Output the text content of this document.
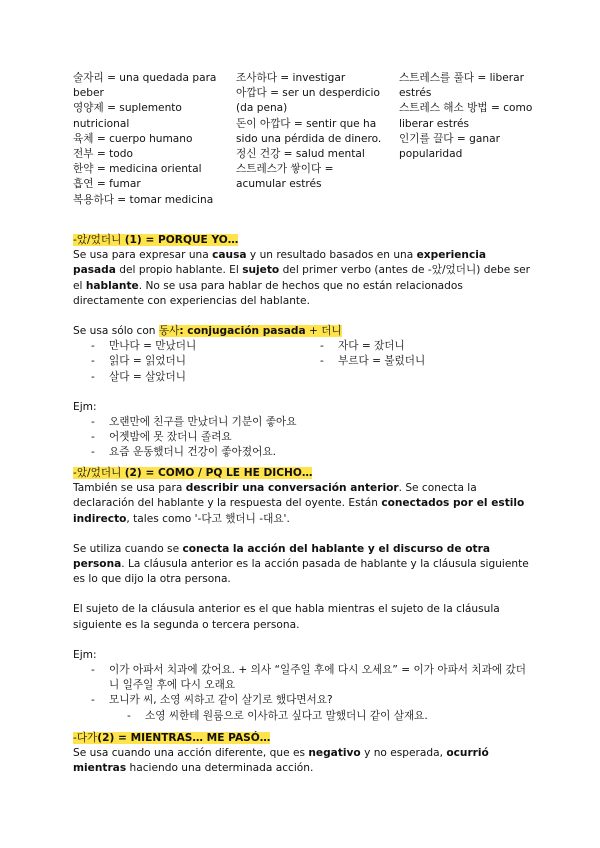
술자리 = una quedada para beber
영양제 = suplemento nutricional
육체 = cuerpo humano
전부 = todo
한약 = medicina oriental
흡연 = fumar
복용하다 = tomar medicina
조사하다 = investigar
아깝다 = ser un desperdicio (da pena)
돈이 아깝다 = sentir que ha sido una pérdida de dinero.
정신 건강 = salud mental
스트레스가 쌓이다 = acumular estrés
스트레스를 풀다 = liberar estrés
스트레스 해소 방법 = como liberar estrés
인기를 끌다 = ganar popularidad
-았/었더니 (1) = PORQUE YO…

Se usa para expresar una causa y un resultado basados en una experiencia pasada del propio hablante. El sujeto del primer verbo (antes de -았/었더니) debe ser el hablante. No se usa para hablar de hechos que no están relacionados directamente con experiencias del hablante.

Se usa sólo con 동사: conjugación pasada + 더니

- 만나다 = 만났더니
- 읽다 = 읽었더니
- 살다 = 살았더니
- 자다 = 잤더니
- 부르다 = 불렀더니

Ejm:

- 오랜만에 친구를 만났더니 기분이 좋아요
- 어젯밤에 못 잤더니 졸려요
- 요즘 운동했더니 건강이 좋아졌어요.
-았/었더니 (2) = COMO / PQ LE HE DICHO…

También se usa para describir una conversación anterior. Se conecta la declaración del hablante y la respuesta del oyente. Están conectados por el estilo indirecto, tales como '-다고 했더니 -대요'.

Se utiliza cuando se conecta la acción del hablante y el discurso de otra persona. La cláusula anterior es la acción pasada de hablante y la cláusula siguiente es lo que dijo la otra persona.

El sujeto de la cláusula anterior es el que habla mientras el sujeto de la cláusula siguiente es la segunda o tercera persona.

Ejm:

- 이가 아파서 치과에 갔어요. + 의사 “일주일 후에 다시 오세요” = 이가 아파서 치과에 갔더니 일주일 후에 다시 오래요
- 모니카 씨, 소영 씨하고 같이 살기로 했다면서요?
- 소영 씨한테 원룸으로 이사하고 싶다고 말했더니 같이 살재요.
-다가(2) = MIENTRAS… ME PASÓ…

Se usa cuando una acción diferente, que es negativo y no esperada, ocurrió mientras haciendo una determinada acción.
